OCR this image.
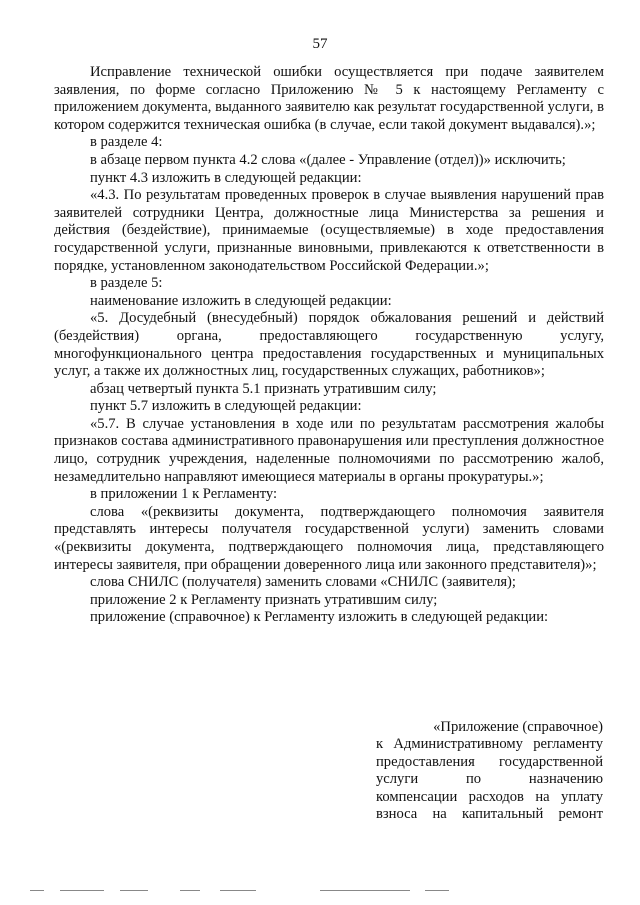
57

Исправление технической ошибки осуществляется при подаче заявителем заявления, по форме согласно Приложению № 5 к настоящему Регламенту с приложением документа, выданного заявителю как результат государственной услуги, в котором содержится техническая ошибка (в случае, если такой документ выдавался).»;

в разделе 4:

в абзаце первом пункта 4.2 слова «(далее - Управление (отдел))» исключить;

пункт 4.3 изложить в следующей редакции:

«4.3. По результатам проведенных проверок в случае выявления нарушений прав заявителей сотрудники Центра, должностные лица Министерства за решения и действия (бездействие), принимаемые (осуществляемые) в ходе предоставления государственной услуги, признанные виновными, привлекаются к ответственности в порядке, установленном законодательством Российской Федерации.»;

в разделе 5:

наименование изложить в следующей редакции:

«5. Досудебный (внесудебный) порядок обжалования решений и действий (бездействия) органа, предоставляющего государственную услугу, многофункционального центра предоставления государственных и муниципальных услуг, а также их должностных лиц, государственных служащих, работников»;

абзац четвертый пункта 5.1 признать утратившим силу;

пункт 5.7 изложить в следующей редакции:

«5.7. В случае установления в ходе или по результатам рассмотрения жалобы признаков состава административного правонарушения или преступления должностное лицо, сотрудник учреждения, наделенные полномочиями по рассмотрению жалоб, незамедлительно направляют имеющиеся материалы в органы прокуратуры.»;

в приложении 1 к Регламенту:

слова «(реквизиты документа, подтверждающего полномочия заявителя представлять интересы получателя государственной услуги) заменить словами «(реквизиты документа, подтверждающего полномочия лица, представляющего интересы заявителя, при обращении доверенного лица или законного представителя)»;

слова СНИЛС (получателя) заменить словами «СНИЛС (заявителя);

приложение 2 к Регламенту признать утратившим силу;

приложение (справочное) к Регламенту изложить в следующей редакции:

«Приложение (справочное)

к Административному регламенту

предоставления государственной

услуги по назначению

компенсации расходов на уплату

взноса на капитальный ремонт
